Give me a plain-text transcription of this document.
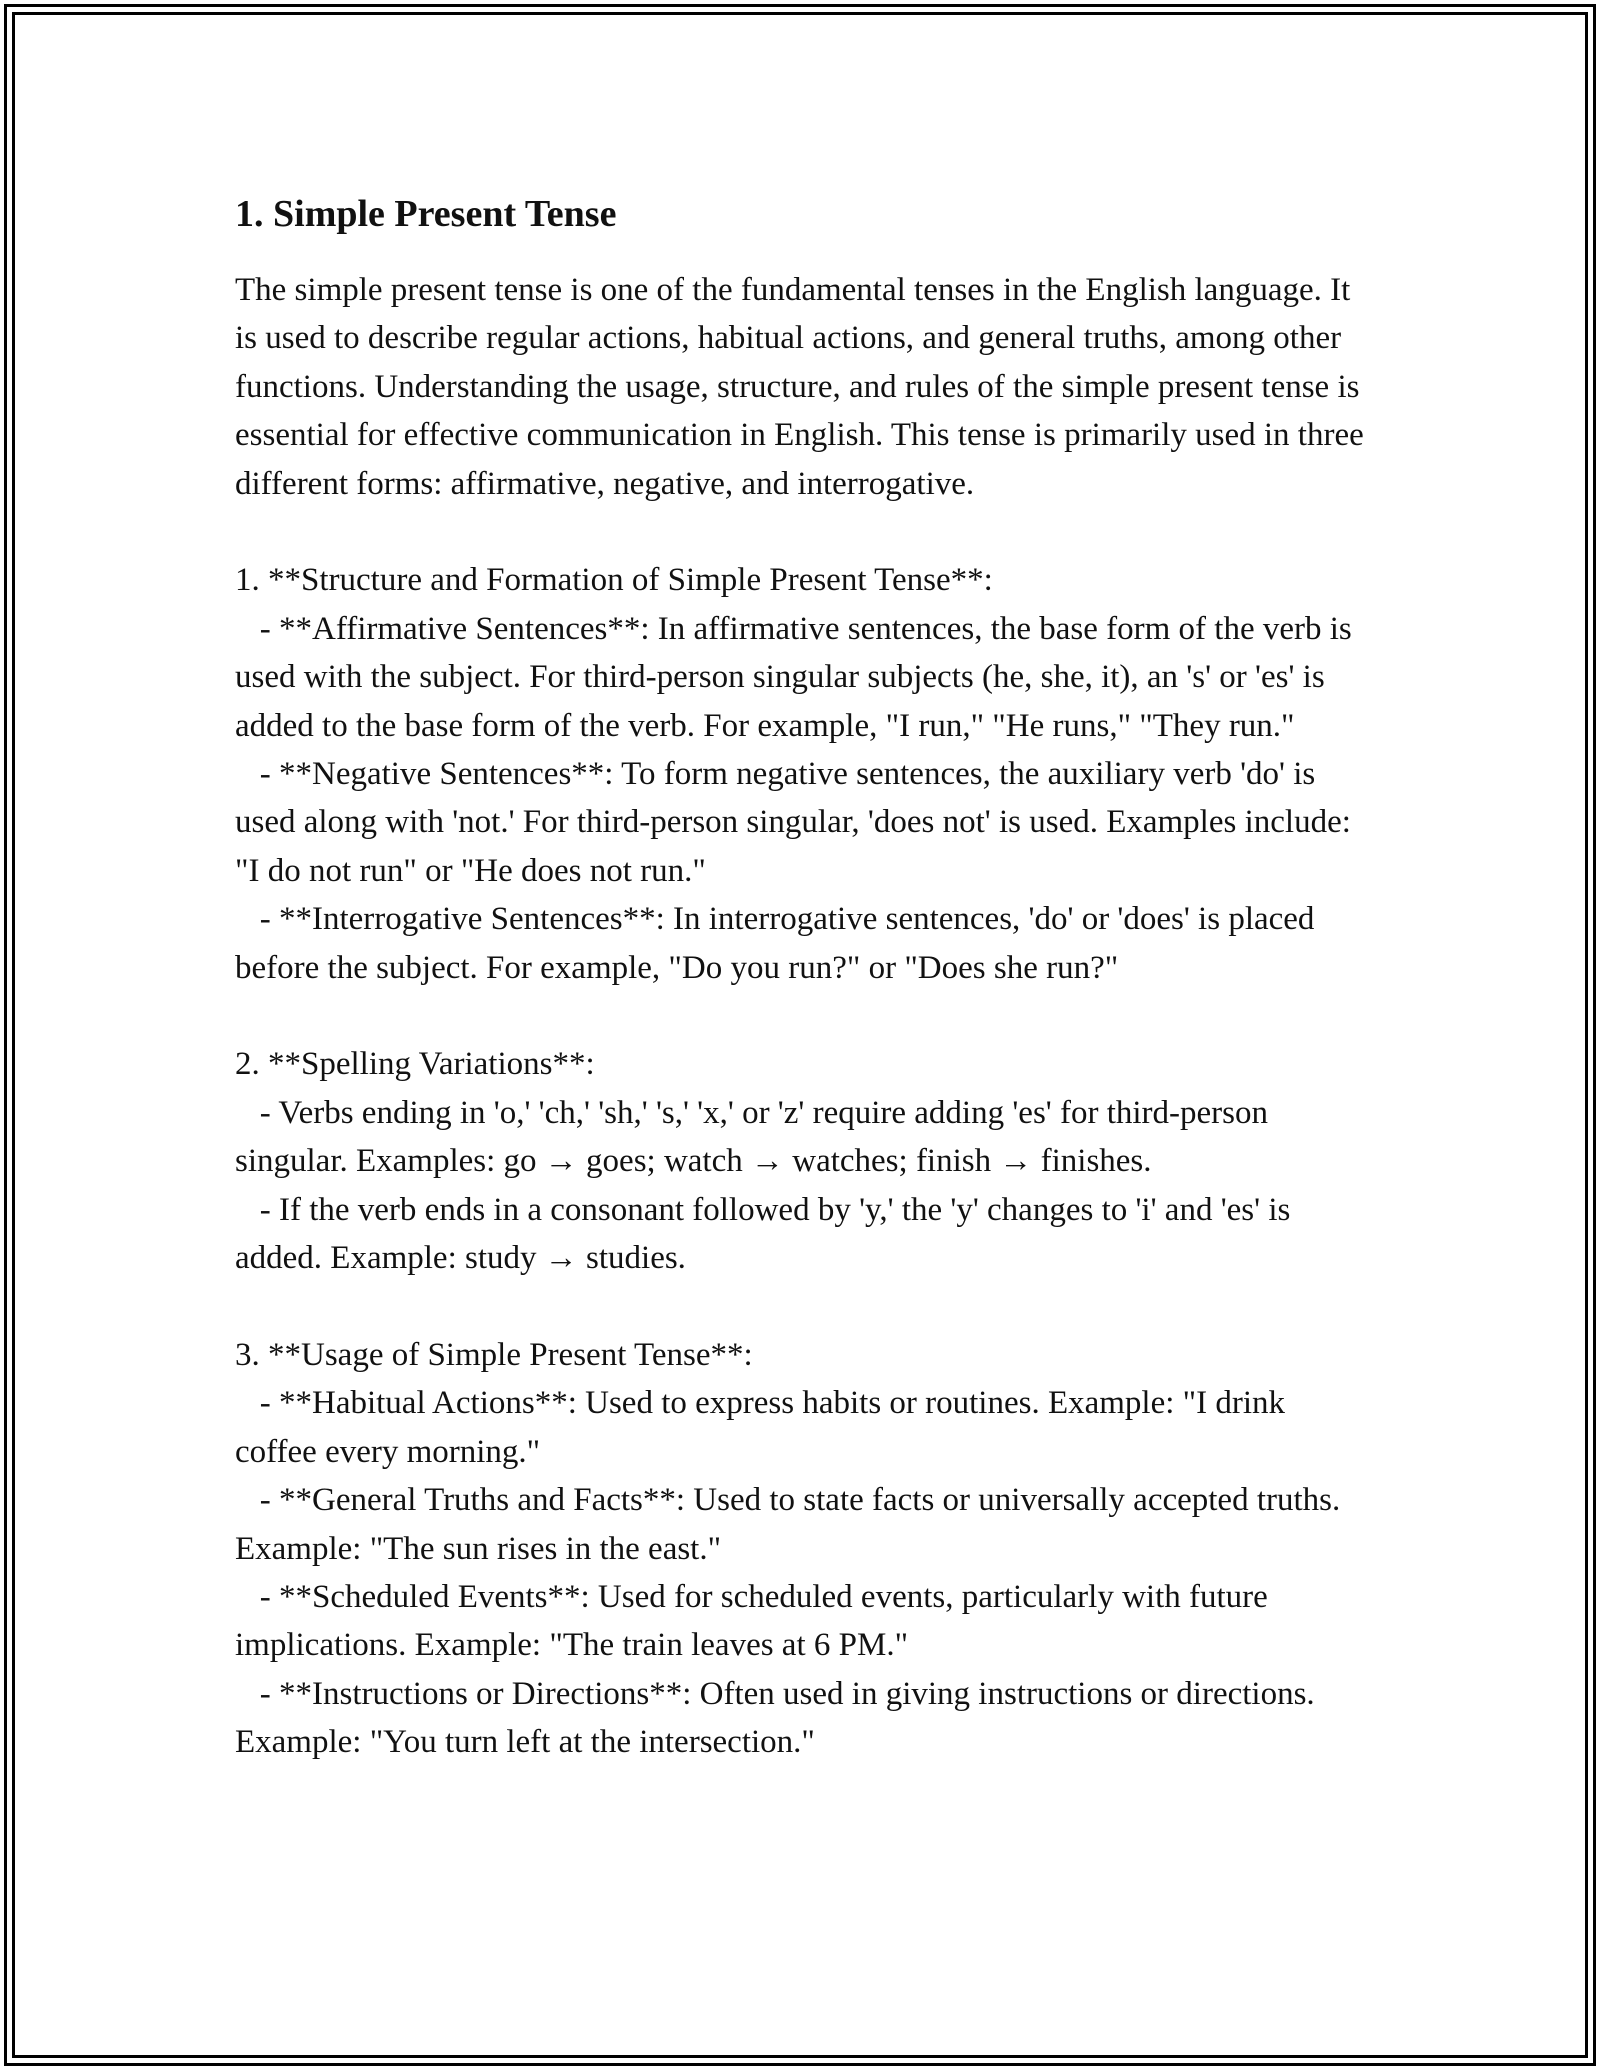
1. Simple Present Tense

The simple present tense is one of the fundamental tenses in the English language. It is used to describe regular actions, habitual actions, and general truths, among other functions. Understanding the usage, structure, and rules of the simple present tense is essential for effective communication in English. This tense is primarily used in three different forms: affirmative, negative, and interrogative.

1. **Structure and Formation of Simple Present Tense**:

- **Affirmative Sentences**: In affirmative sentences, the base form of the verb is used with the subject. For third-person singular subjects (he, she, it), an 's' or 'es' is added to the base form of the verb. For example, "I run," "He runs," "They run."

- **Negative Sentences**: To form negative sentences, the auxiliary verb 'do' is used along with 'not.' For third-person singular, 'does not' is used. Examples include: "I do not run" or "He does not run."

- **Interrogative Sentences**: In interrogative sentences, 'do' or 'does' is placed before the subject. For example, "Do you run?" or "Does she run?"

2. **Spelling Variations**:

- Verbs ending in 'o,' 'ch,' 'sh,' 's,' 'x,' or 'z' require adding 'es' for third-person singular. Examples: go → goes; watch → watches; finish → finishes.

- If the verb ends in a consonant followed by 'y,' the 'y' changes to 'i' and 'es' is added. Example: study → studies.

3. **Usage of Simple Present Tense**:

- **Habitual Actions**: Used to express habits or routines. Example: "I drink coffee every morning."

- **General Truths and Facts**: Used to state facts or universally accepted truths. Example: "The sun rises in the east."

- **Scheduled Events**: Used for scheduled events, particularly with future implications. Example: "The train leaves at 6 PM."

- **Instructions or Directions**: Often used in giving instructions or directions. Example: "You turn left at the intersection."
